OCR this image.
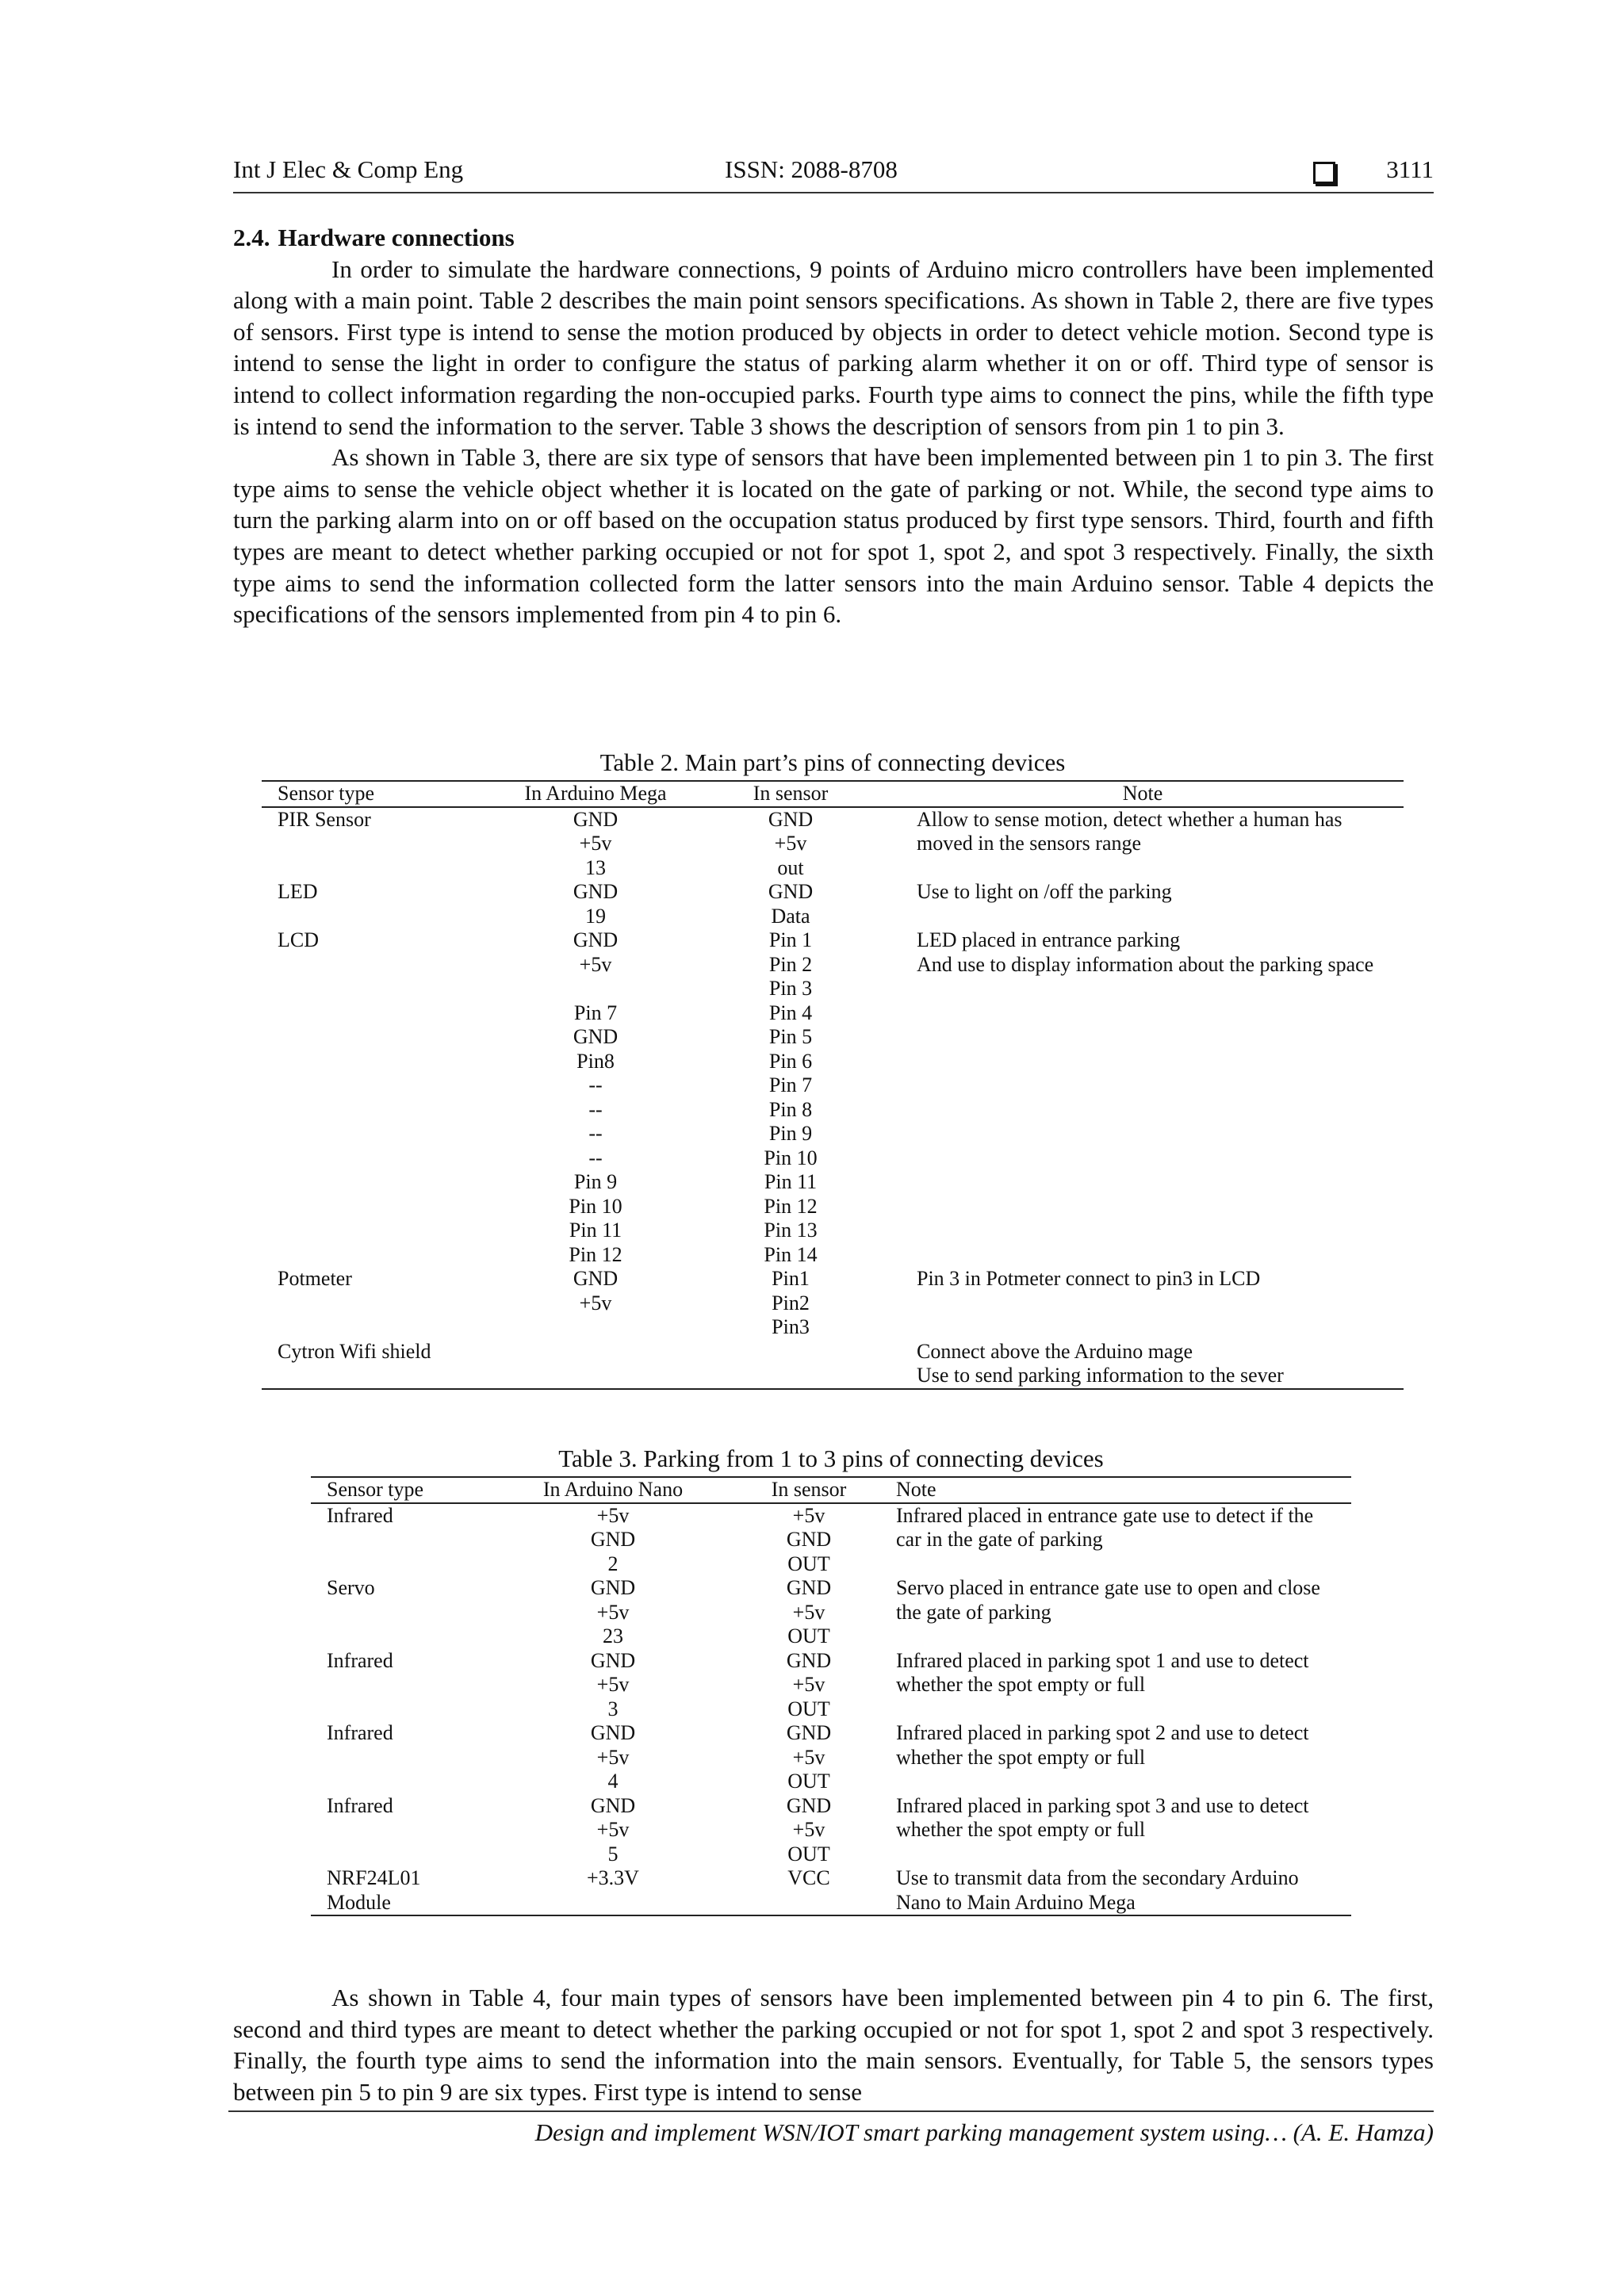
Int J Elec & Comp Eng	ISSN: 2088-8708	3111
2.4. Hardware connections

In order to simulate the hardware connections, 9 points of Arduino micro controllers have been implemented along with a main point. Table 2 describes the main point sensors specifications. As shown in Table 2, there are five types of sensors. First type is intend to sense the motion produced by objects in order to detect vehicle motion. Second type is intend to sense the light in order to configure the status of parking alarm whether it on or off. Third type of sensor is intend to collect information regarding the non-occupied parks. Fourth type aims to connect the pins, while the fifth type is intend to send the information to the server. Table 3 shows the description of sensors from pin 1 to pin 3.

As shown in Table 3, there are six type of sensors that have been implemented between pin 1 to pin 3. The first type aims to sense the vehicle object whether it is located on the gate of parking or not. While, the second type aims to turn the parking alarm into on or off based on the occupation status produced by first type sensors. Third, fourth and fifth types are meant to detect whether parking occupied or not for spot 1, spot 2, and spot 3 respectively. Finally, the sixth type aims to send the information collected form the latter sensors into the main Arduino sensor. Table 4 depicts the specifications of the sensors implemented from pin 4 to pin 6.

Table 2. Main part’s pins of connecting devices
Sensor type	In Arduino Mega	In sensor	Note
PIR Sensor	GND	GND	Allow to sense motion, detect whether a human has
	+5v	+5v	moved in the sensors range
	13	out	
LED	GND	GND	Use to light on /off the parking
	19	Data	
LCD	GND	Pin 1	LED placed in entrance parking
	+5v	Pin 2	And use to display information about the parking space
		Pin 3	
	Pin 7	Pin 4	
	GND	Pin 5	
	Pin8	Pin 6	
	--	Pin 7	
	--	Pin 8	
	--	Pin 9	
	--	Pin 10	
	Pin 9	Pin 11	
	Pin 10	Pin 12	
	Pin 11	Pin 13	
	Pin 12	Pin 14	
Potmeter	GND	Pin1	Pin 3 in Potmeter connect to pin3 in LCD
	+5v	Pin2	
		Pin3	
Cytron Wifi shield			Connect above the Arduino mage
			Use to send parking information to the sever
Table 3. Parking from 1 to 3 pins of connecting devices
Sensor type	In Arduino Nano	In sensor	Note
Infrared	+5v	+5v	Infrared placed in entrance gate use to detect if the
	GND	GND	car in the gate of parking
	2	OUT	
Servo	GND	GND	Servo placed in entrance gate use to open and close
	+5v	+5v	the gate of parking
	23	OUT	
Infrared	GND	GND	Infrared placed in parking spot 1 and use to detect
	+5v	+5v	whether the spot empty or full
	3	OUT	
Infrared	GND	GND	Infrared placed in parking spot 2 and use to detect
	+5v	+5v	whether the spot empty or full
	4	OUT	
Infrared	GND	GND	Infrared placed in parking spot 3 and use to detect
	+5v	+5v	whether the spot empty or full
	5	OUT	
NRF24L01	+3.3V	VCC	Use to transmit data from the secondary Arduino
Module			Nano to Main Arduino Mega

As shown in Table 4, four main types of sensors have been implemented between pin 4 to pin 6. The first, second and third types are meant to detect whether the parking occupied or not for spot 1, spot 2 and spot 3 respectively. Finally, the fourth type aims to send the information into the main sensors. Eventually, for Table 5, the sensors types between pin 5 to pin 9 are six types. First type is intend to sense

Design and implement WSN/IOT smart parking management system using… (A. E. Hamza)
